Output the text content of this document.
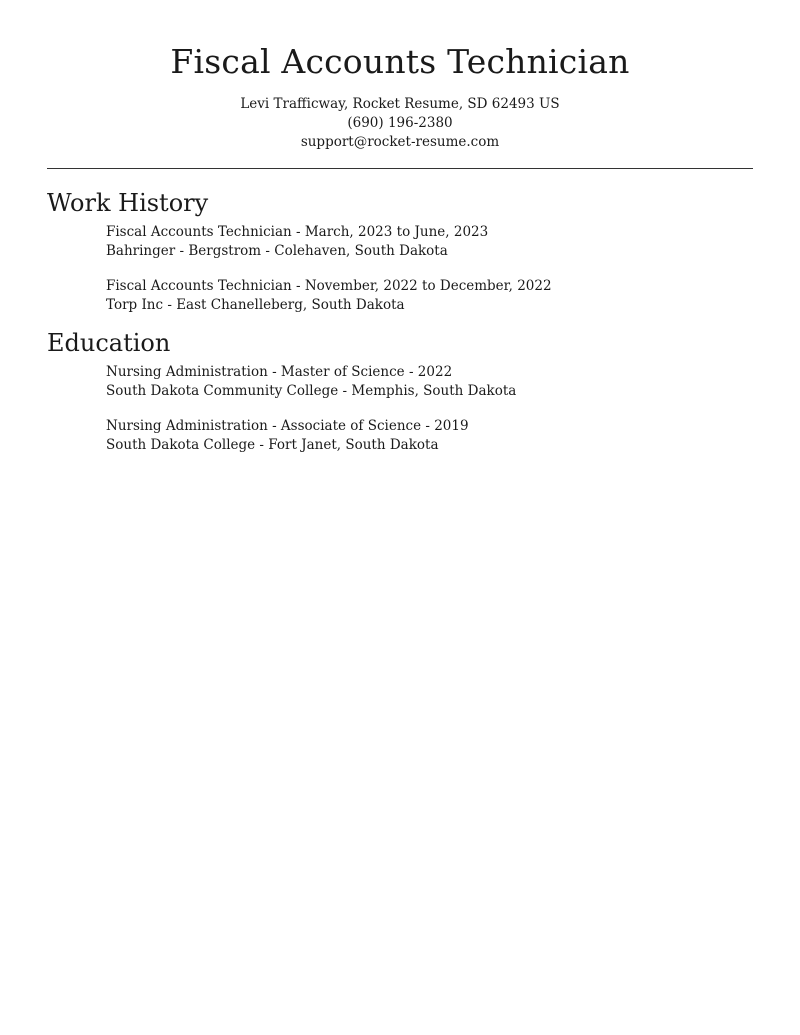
Fiscal Accounts Technician
Levi Trafficway, Rocket Resume, SD 62493 US
(690) 196-2380
support@rocket-resume.com
Work History
Fiscal Accounts Technician - March, 2023 to June, 2023
Bahringer - Bergstrom - Colehaven, South Dakota
Fiscal Accounts Technician - November, 2022 to December, 2022
Torp Inc - East Chanelleberg, South Dakota
Education
Nursing Administration - Master of Science - 2022
South Dakota Community College - Memphis, South Dakota
Nursing Administration - Associate of Science - 2019
South Dakota College - Fort Janet, South Dakota
